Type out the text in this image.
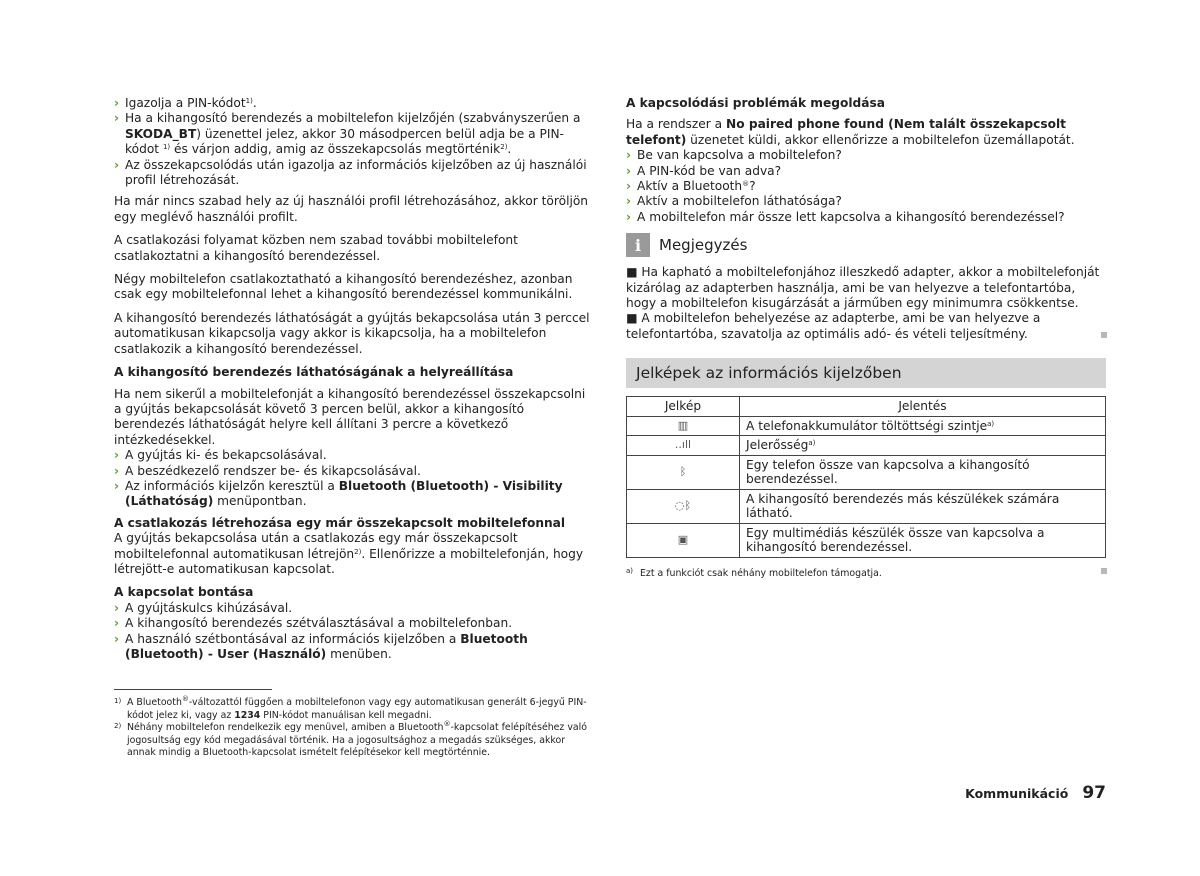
› Igazolja a PIN-kódot$^{1)}$.

› Ha a kihangosító berendezés a mobiltelefon kijelzőjén (szabványszerűen a SKODA_BT) üzenettel jelez, akkor 30 másodpercen belül adja be a PIN-kódot $^{1)}$ és várjon addig, amig az összekapcsolás megtörténik$^{2)}$.

› Az összekapcsolódás után igazolja az információs kijelzőben az új használói profil létrehozását.

Ha már nincs szabad hely az új használói profil létrehozásához, akkor töröljön egy meglévő használói profilt.

A csatlakozási folyamat közben nem szabad további mobiltelefont csatlakoztatni a kihangosító berendezéssel.

Négy mobiltelefon csatlakoztatható a kihangosító berendezéshez, azonban csak egy mobiltelefonnal lehet a kihangosító berendezéssel kommunikálni.

A kihangosító berendezés láthatóságát a gyújtás bekapcsolása után 3 perccel automatikusan kikapcsolja vagy akkor is kikapcsolja, ha a mobiltelefon csatlakozik a kihangosító berendezéssel.

A kihangosító berendezés láthatóságának a helyreállítása

Ha nem sikerűl a mobiltelefonját a kihangosító berendezéssel összekapcsolni a gyújtás bekapcsolását követő 3 percen belül, akkor a kihangosító berendezés láthatóságát helyre kell állítani 3 percre a következő intézkedésekkel.

› A gyújtás ki- és bekapcsolásával.

› A beszédkezelő rendszer be- és kikapcsolásával.

› Az információs kijelzőn keresztül a Bluetooth (Bluetooth) - Visibility (Láthatóság) menüpontban.

A csatlakozás létrehozása egy már összekapcsolt mobiltelefonnal

A gyújtás bekapcsolása után a csatlakozás egy már összekapcsolt mobiltelefonnal automatikusan létrejön$^{2)}$. Ellenőrizze a mobiltelefonján, hogy létrejött-e automatikusan kapcsolat.

A kapcsolat bontása

› A gyújtáskulcs kihúzásával.

› A kihangosító berendezés szétválasztásával a mobiltelefonban.

› A használó szétbontásával az információs kijelzőben a Bluetooth (Bluetooth) - User (Használó) menüben.

1) A Bluetooth®-változattól függően a mobiltelefonon vagy egy automatikusan generált 6-jegyű PIN-kódot jelez ki, vagy az 1234 PIN-kódot manuálisan kell megadni.

2) Néhány mobiltelefon rendelkezik egy menüvel, amiben a Bluetooth®-kapcsolat felépítéséhez való jogosultság egy kód megadásával történik. Ha a jogosultsághoz a megadás szükséges, akkor annak mindig a Bluetooth-kapcsolat ismételt felépítésekor kell megtörténnie.

A kapcsolódási problémák megoldása

Ha a rendszer a No paired phone found (Nem talált összekapcsolt telefont) üzenetet küldi, akkor ellenőrizze a mobiltelefon üzemállapotát.

› Be van kapcsolva a mobiltelefon?

› A PIN-kód be van adva?

› Aktív a Bluetooth®?

› Aktív a mobiltelefon láthatósága?

› A mobiltelefon már össze lett kapcsolva a kihangosító berendezéssel?

i	Megjegyzés

■ Ha kapható a mobiltelefonjához illeszkedő adapter, akkor a mobiltelefonját kizárólag az adapterben használja, ami be van helyezve a telefontartóba, hogy a mobiltelefon kisugárzását a járműben egy minimumra csökkentse.

■ A mobiltelefon behelyezése az adapterbe, ami be van helyezve a telefontartóba, szavatolja az optimális adó- és vételi teljesítmény.

Jelképek az információs kijelzőben
Jelkép	Jelentés
▥	A telefonakkumulátor töltöttségi szintje$^{a)}$
..ıll	Jelerősség$^{a)}$
ᛒ	Egy telefon össze van kapcsolva a kihangosító berendezéssel.
◌ᛒ	A kihangosító berendezés más készülékek számára látható.
▣	Egy multimédiás készülék össze van kapcsolva a kihangosító berendezéssel.
a) Ezt a funkciót csak néhány mobiltelefon támogatja.
Kommunikáció 97
